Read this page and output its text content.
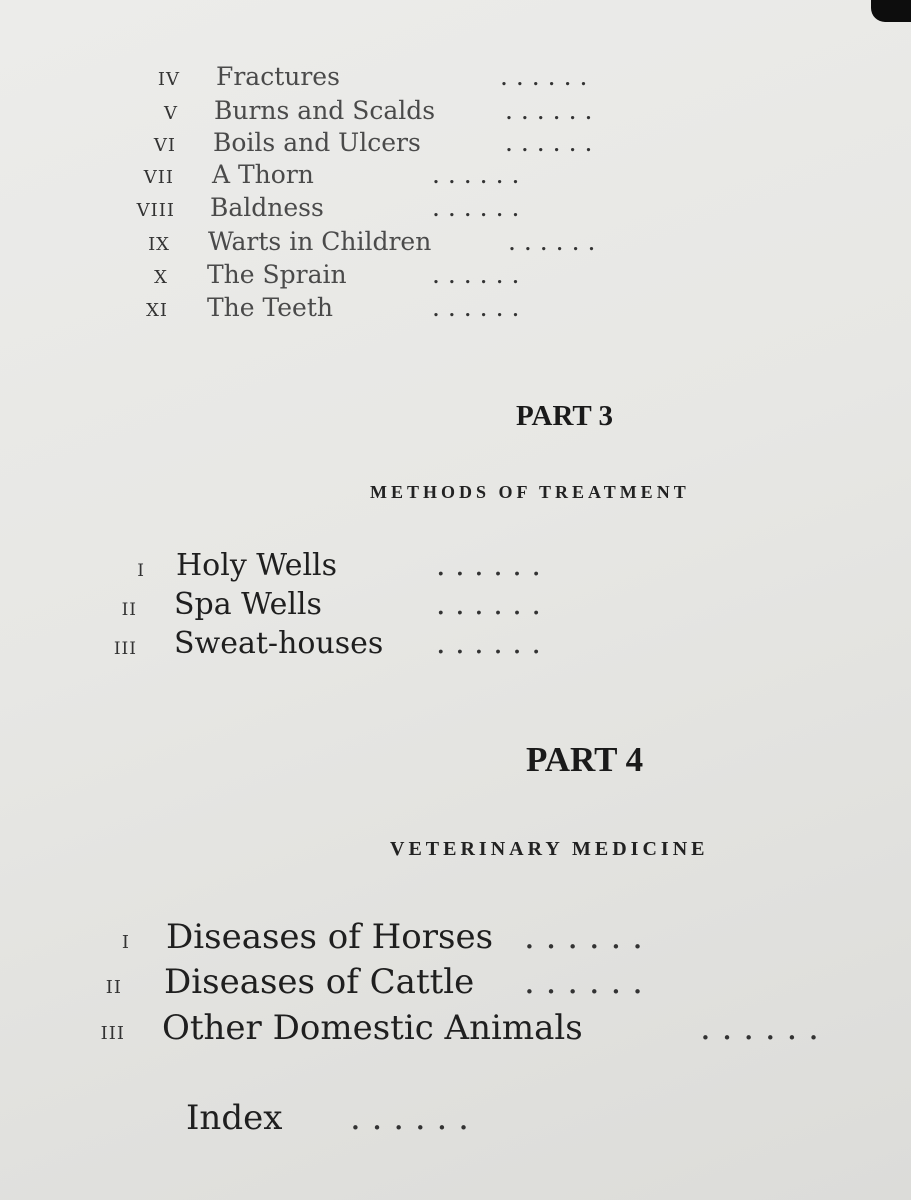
iv Fractures	. . . . . .
v Burns and Scalds	. . . . . .
vi Boils and Ulcers	. . . . . .
vii A Thorn	. . . . . .
viii Baldness	. . . . . .
ix Warts in Children	. . . . . .
x The Sprain	. . . . . .
xi The Teeth	. . . . . .
PART 3
METHODS OF TREATMENT
i Holy Wells	. . . . . .
ii Spa Wells	. . . . . .
iii Sweat-houses . . . . . .
PART 4
VETERINARY MEDICINE
i Diseases of Horses . . . . . .
ii Diseases of Cattle . . . . . .
iii Other Domestic Animals	. . . . . .
Index . . . . . .
